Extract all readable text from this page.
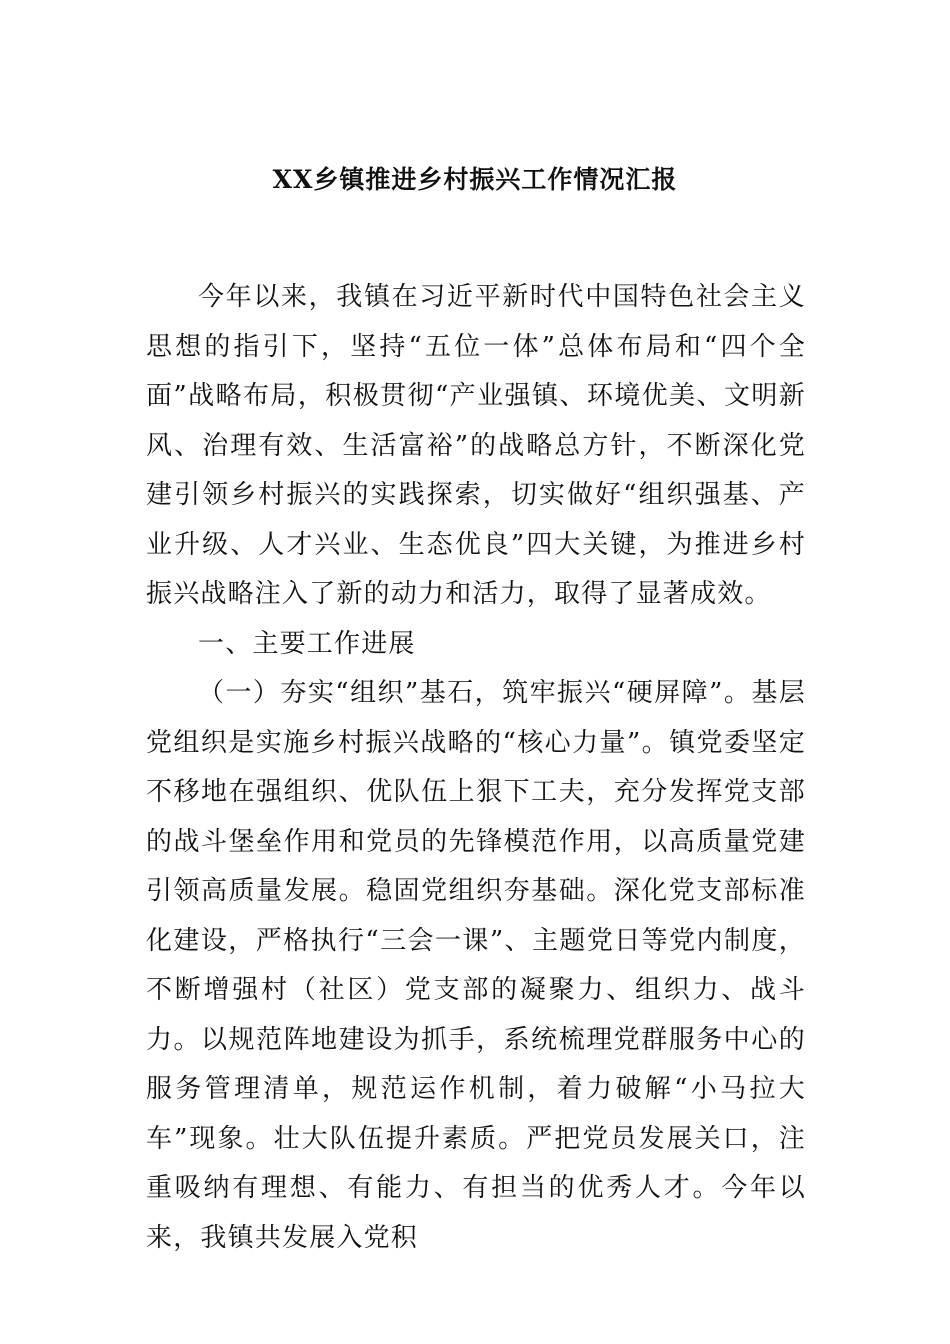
XX乡镇推进乡村振兴工作情况汇报

今年以来，我镇在习近平新时代中国特色社会主义思想的指引下，坚持“五位一体”总体布局和“四个全面”战略布局，积极贯彻“产业强镇、环境优美、文明新风、治理有效、生活富裕”的战略总方针，不断深化党建引领乡村振兴的实践探索，切实做好“组织强基、产业升级、人才兴业、生态优良”四大关键，为推进乡村振兴战略注入了新的动力和活力，取得了显著成效。

一、主要工作进展

（一）夯实“组织”基石，筑牢振兴“硬屏障”。基层党组织是实施乡村振兴战略的“核心力量”。镇党委坚定不移地在强组织、优队伍上狠下工夫，充分发挥党支部的战斗堡垒作用和党员的先锋模范作用，以高质量党建引领高质量发展。稳固党组织夯基础。深化党支部标准化建设，严格执行“三会一课”、主题党日等党内制度，不断增强村（社区）党支部的凝聚力、组织力、战斗力。以规范阵地建设为抓手，系统梳理党群服务中心的服务管理清单，规范运作机制，着力破解“小马拉大车”现象。壮大队伍提升素质。严把党员发展关口，注重吸纳有理想、有能力、有担当的优秀人才。今年以来，我镇共发展入党积
